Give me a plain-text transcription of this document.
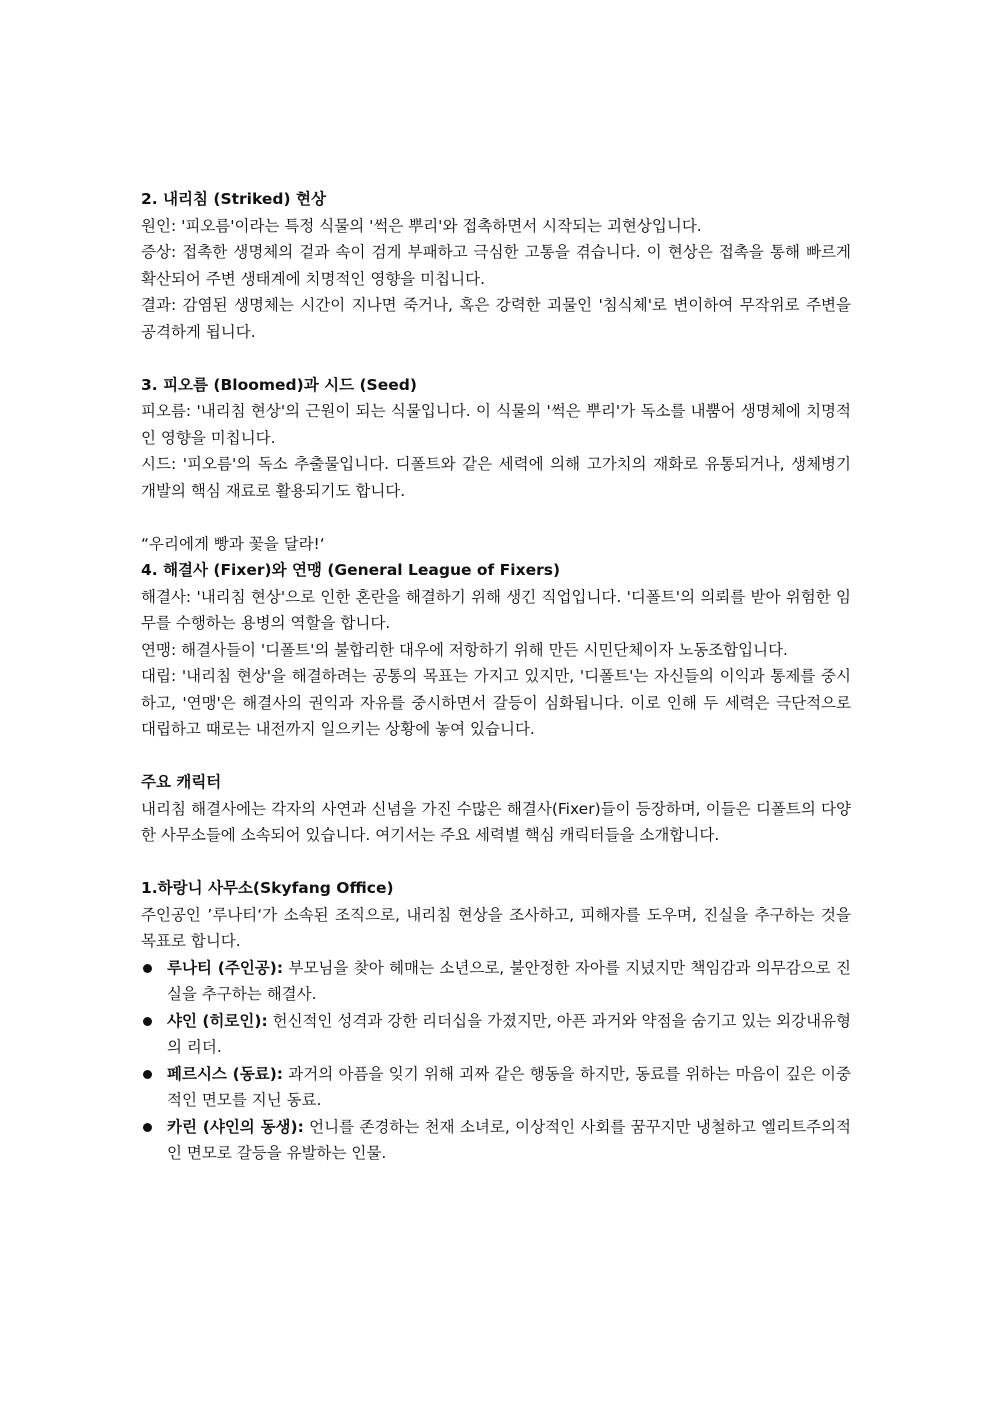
2. 내리침 (Striked) 현상

원인: '피오름'이라는 특정 식물의 '썩은 뿌리'와 접촉하면서 시작되는 괴현상입니다.

증상: 접촉한 생명체의 겉과 속이 검게 부패하고 극심한 고통을 겪습니다. 이 현상은 접촉을 통해 빠르게 확산되어 주변 생태계에 치명적인 영향을 미칩니다.

결과: 감염된 생명체는 시간이 지나면 죽거나, 혹은 강력한 괴물인 '침식체'로 변이하여 무작위로 주변을 공격하게 됩니다.

3. 피오름 (Bloomed)과 시드 (Seed)

피오름: '내리침 현상'의 근원이 되는 식물입니다. 이 식물의 '썩은 뿌리'가 독소를 내뿜어 생명체에 치명적인 영향을 미칩니다.

시드: '피오름'의 독소 추출물입니다. 디폴트와 같은 세력에 의해 고가치의 재화로 유통되거나, 생체병기 개발의 핵심 재료로 활용되기도 합니다.

“우리에게 빵과 꽃을 달라!‘

4. 해결사 (Fixer)와 연맹 (General League of Fixers)

해결사: '내리침 현상'으로 인한 혼란을 해결하기 위해 생긴 직업입니다. '디폴트'의 의뢰를 받아 위험한 임무를 수행하는 용병의 역할을 합니다.

연맹: 해결사들이 '디폴트'의 불합리한 대우에 저항하기 위해 만든 시민단체이자 노동조합입니다.

대립: '내리침 현상'을 해결하려는 공통의 목표는 가지고 있지만, '디폴트'는 자신들의 이익과 통제를 중시하고, '연맹'은 해결사의 권익과 자유를 중시하면서 갈등이 심화됩니다. 이로 인해 두 세력은 극단적으로 대립하고 때로는 내전까지 일으키는 상황에 놓여 있습니다.

주요 캐릭터

내리침 해결사에는 각자의 사연과 신념을 가진 수많은 해결사(Fixer)들이 등장하며, 이들은 디폴트의 다양한 사무소들에 소속되어 있습니다. 여기서는 주요 세력별 핵심 캐릭터들을 소개합니다.

1.하랑니 사무소(Skyfang Office)

주인공인 ’루나티‘가 소속된 조직으로, 내리침 현상을 조사하고, 피해자를 도우며, 진실을 추구하는 것을 목표로 합니다.

루나티 (주인공): 부모님을 찾아 헤매는 소년으로, 불안정한 자아를 지녔지만 책임감과 의무감으로 진실을 추구하는 해결사.
샤인 (히로인): 헌신적인 성격과 강한 리더십을 가졌지만, 아픈 과거와 약점을 숨기고 있는 외강내유형의 리더.
페르시스 (동료): 과거의 아픔을 잊기 위해 괴짜 같은 행동을 하지만, 동료를 위하는 마음이 깊은 이중적인 면모를 지닌 동료.
카린 (샤인의 동생): 언니를 존경하는 천재 소녀로, 이상적인 사회를 꿈꾸지만 냉철하고 엘리트주의적인 면모로 갈등을 유발하는 인물.
